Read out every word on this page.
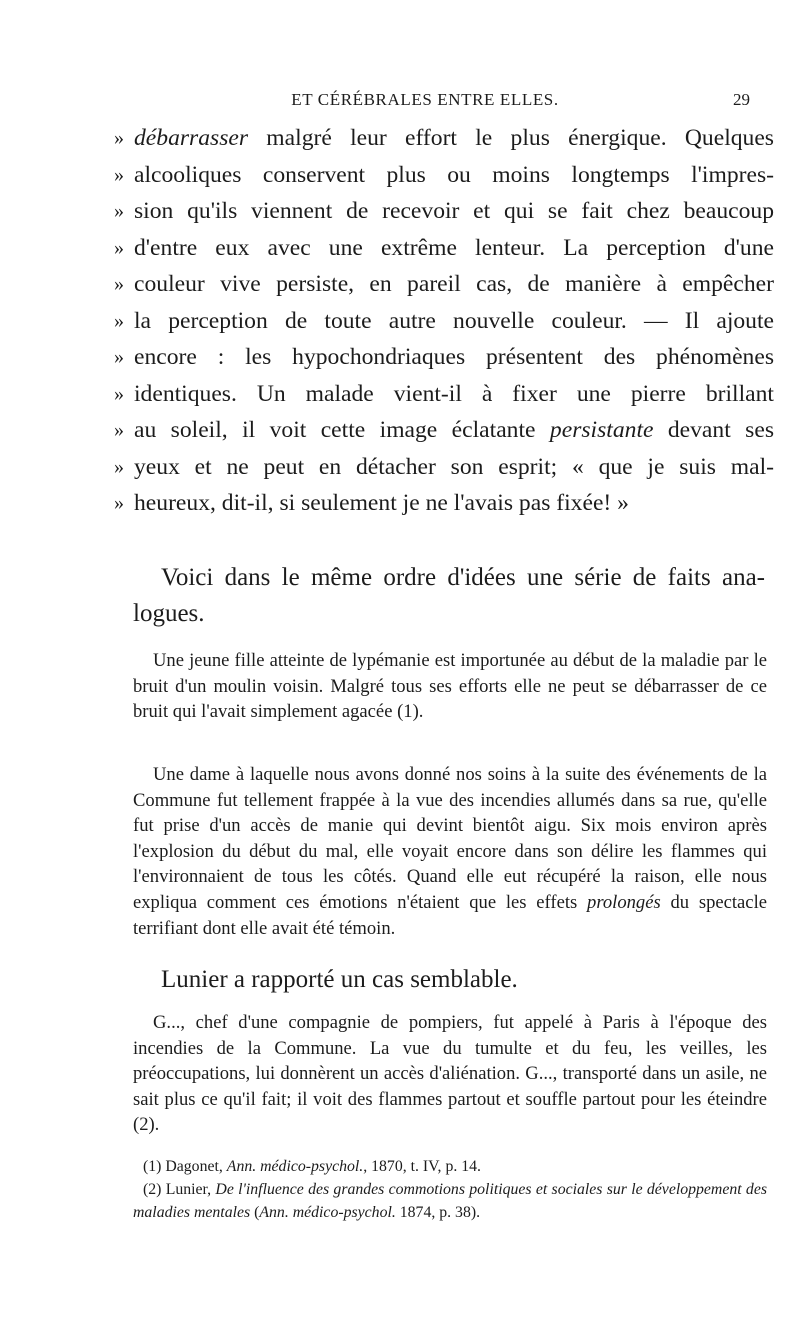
ET CÉRÉBRALES ENTRE ELLES.	29
» débarrasser malgré leur effort le plus énergique. Quelques
» alcooliques conservent plus ou moins longtemps l'impres-
» sion qu'ils viennent de recevoir et qui se fait chez beaucoup
» d'entre eux avec une extrême lenteur. La perception d'une
» couleur vive persiste, en pareil cas, de manière à empêcher
» la perception de toute autre nouvelle couleur. — Il ajoute
» encore : les hypochondriaques présentent des phénomènes
» identiques. Un malade vient-il à fixer une pierre brillant
» au soleil, il voit cette image éclatante persistante devant ses
» yeux et ne peut en détacher son esprit; « que je suis mal-
» heureux, dit-il, si seulement je ne l'avais pas fixée! »
Voici dans le même ordre d'idées une série de faits ana-logues.
Une jeune fille atteinte de lypémanie est importunée au début de la maladie par le bruit d'un moulin voisin. Malgré tous ses efforts elle ne peut se débarrasser de ce bruit qui l'avait simplement agacée (1).
Une dame à laquelle nous avons donné nos soins à la suite des événements de la Commune fut tellement frappée à la vue des incendies allumés dans sa rue, qu'elle fut prise d'un accès de manie qui devint bientôt aigu. Six mois environ après l'explosion du début du mal, elle voyait encore dans son délire les flammes qui l'environnaient de tous les côtés. Quand elle eut récupéré la raison, elle nous expliqua comment ces émotions n'étaient que les effets prolongés du spectacle terrifiant dont elle avait été témoin.
Lunier a rapporté un cas semblable.
G..., chef d'une compagnie de pompiers, fut appelé à Paris à l'époque des incendies de la Commune. La vue du tumulte et du feu, les veilles, les préoccupations, lui donnèrent un accès d'aliénation. G..., transporté dans un asile, ne sait plus ce qu'il fait; il voit des flammes partout et souffle partout pour les éteindre (2).

(1) Dagonet, Ann. médico-psychol., 1870, t. IV, p. 14.

(2) Lunier, De l'influence des grandes commotions politiques et sociales sur le développement des maladies mentales (Ann. médico-psychol. 1874, p. 38).
